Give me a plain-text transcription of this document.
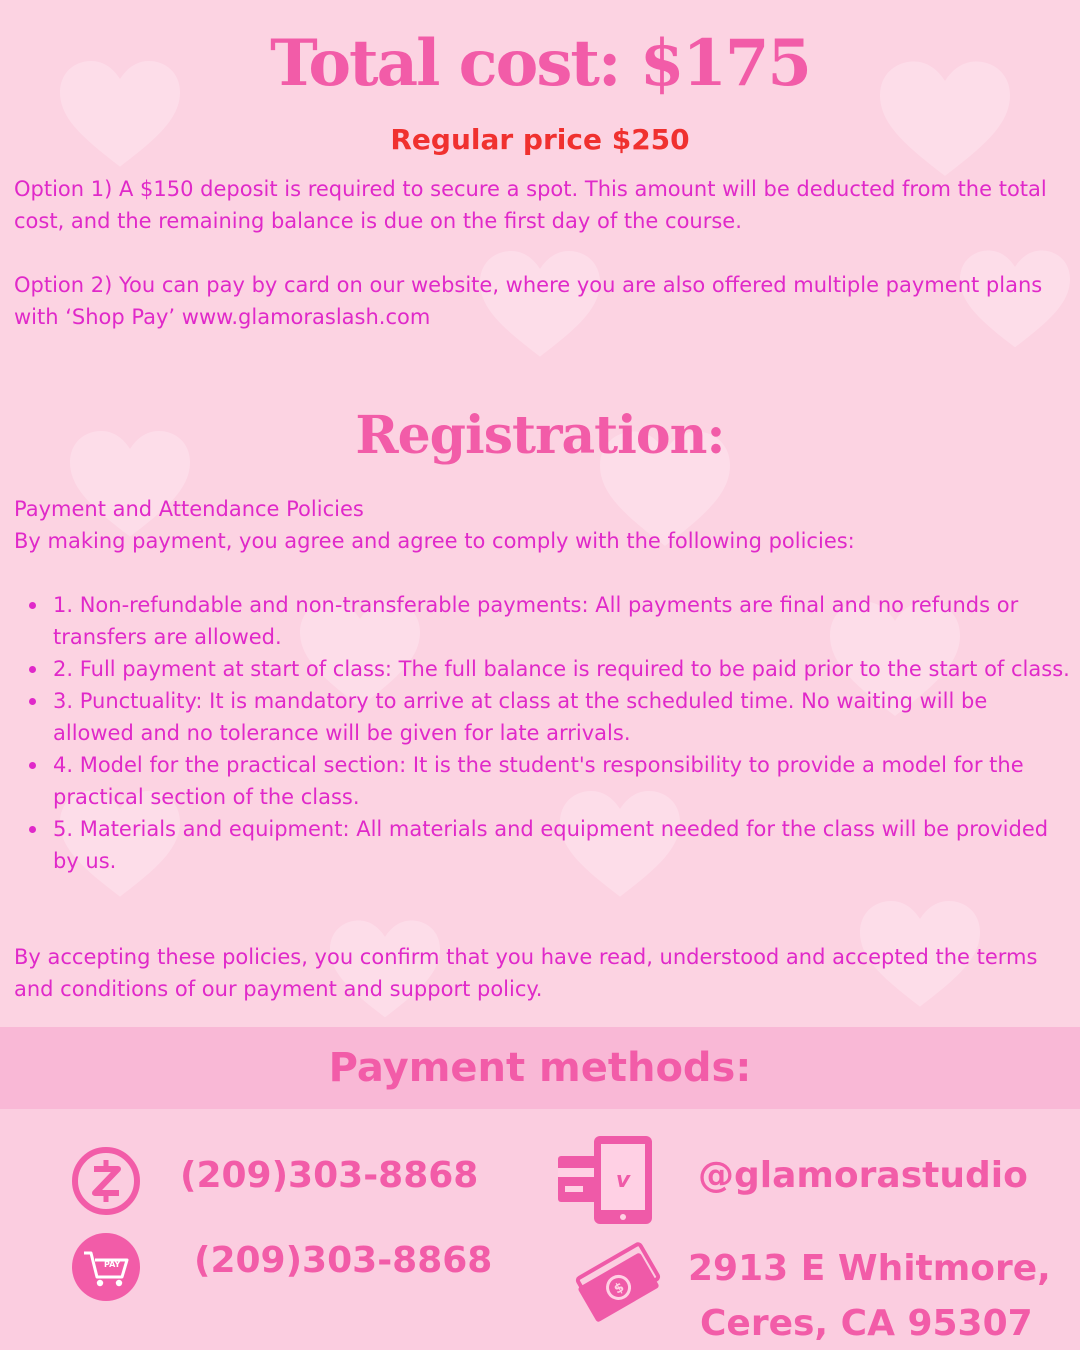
Total cost: $175
Regular price $250

Option 1) A $150 deposit is required to secure a spot. This amount will be deducted from the total cost, and the remaining balance is due on the first day of the course.

Option 2) You can pay by card on our website, where you are also offered multiple payment plans with ‘Shop Pay’ www.glamoraslash.com

Registration:

Payment and Attendance Policies

By making payment, you agree and agree to comply with the following policies:

1. Non-refundable and non-transferable payments: All payments are final and no refunds or transfers are allowed.
2. Full payment at start of class: The full balance is required to be paid prior to the start of class.
3. Punctuality: It is mandatory to arrive at class at the scheduled time. No waiting will be allowed and no tolerance will be given for late arrivals.
4. Model for the practical section: It is the student's responsibility to provide a model for the practical section of the class.
5. Materials and equipment: All materials and equipment needed for the class will be provided by us.

By accepting these policies, you confirm that you have read, understood and accepted the terms and conditions of our payment and support policy.

Payment methods:
(209)303-8868	v @glamorastudio
PAY (209)303-8868
$ 2913 E Whitmore,
Ceres, CA 95307
